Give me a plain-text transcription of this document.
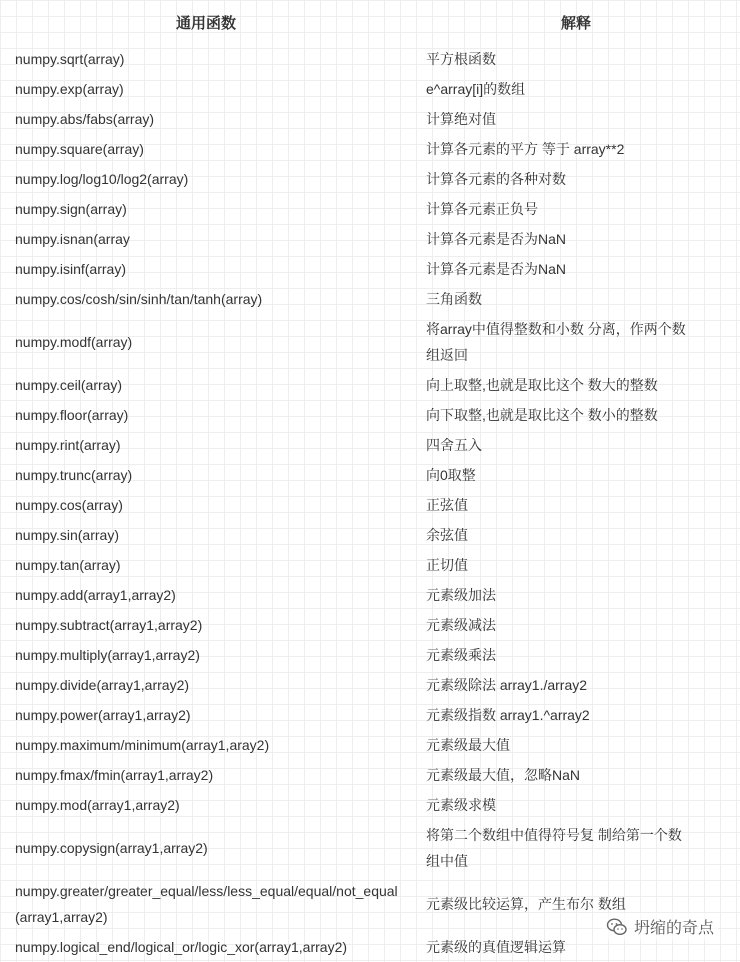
通用函数	解释
numpy.sqrt(array)	平方根函数
numpy.exp(array)	e^array[i]的数组
numpy.abs/fabs(array)	计算绝对值
numpy.square(array)	计算各元素的平方 等于 array**2
numpy.log/log10/log2(array)	计算各元素的各种对数
numpy.sign(array)	计算各元素正负号
numpy.isnan(array	计算各元素是否为NaN
numpy.isinf(array)	计算各元素是否为NaN
numpy.cos/cosh/sin/sinh/tan/tanh(array)	三角函数
numpy.modf(array)	将array中值得整数和小数 分离，作两个数组返回
numpy.ceil(array)	向上取整,也就是取比这个 数大的整数
numpy.floor(array)	向下取整,也就是取比这个 数小的整数
numpy.rint(array)	四舍五入
numpy.trunc(array)	向0取整
numpy.cos(array)	正弦值
numpy.sin(array)	余弦值
numpy.tan(array)	正切值
numpy.add(array1,array2)	元素级加法
numpy.subtract(array1,array2)	元素级减法
numpy.multiply(array1,array2)	元素级乘法
numpy.divide(array1,array2)	元素级除法 array1./array2
numpy.power(array1,array2)	元素级指数 array1.^array2
numpy.maximum/minimum(array1,aray2)	元素级最大值
numpy.fmax/fmin(array1,array2)	元素级最大值，忽略NaN
numpy.mod(array1,array2)	元素级求模
numpy.copysign(array1,array2)	将第二个数组中值得符号复 制给第一个数组中值
numpy.greater/greater_equal/less/less_equal/equal/not_equal (array1,array2)	元素级比较运算，产生布尔 数组
numpy.logical_end/logical_or/logic_xor(array1,array2)	元素级的真值逻辑运算
坍缩的奇点
